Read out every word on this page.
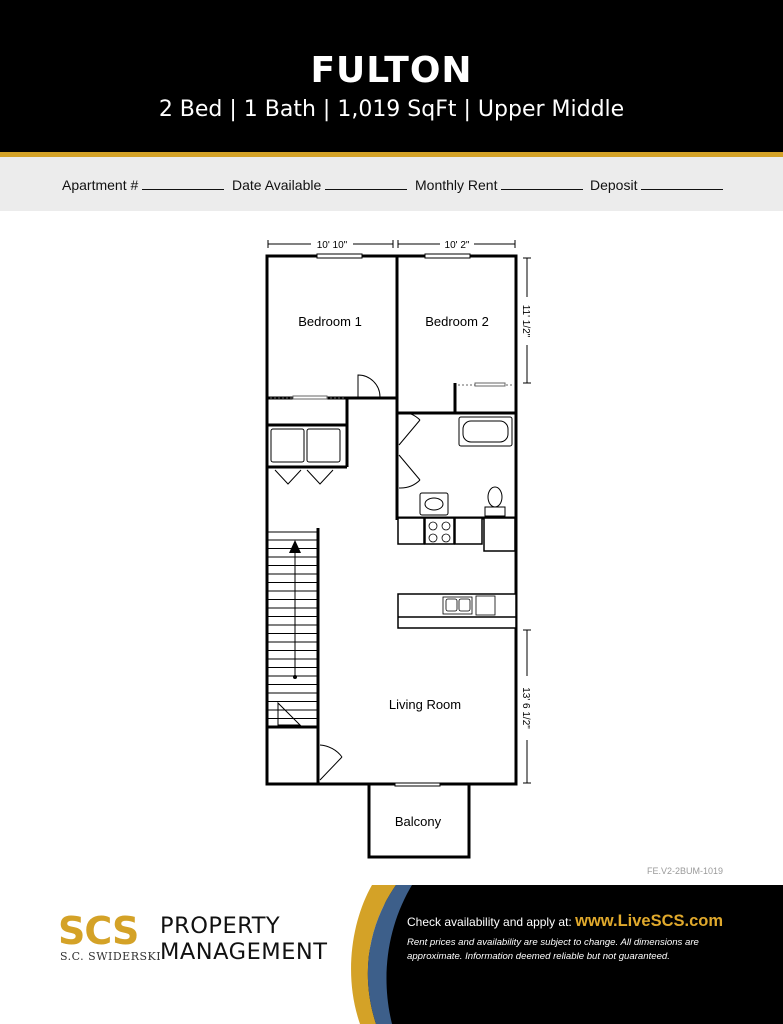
FULTON
2 Bed | 1 Bath | 1,019 SqFt | Upper Middle
Apartment #	Date Available	Monthly Rent	Deposit
10' 10"	10' 2"
11' 1/2"
13' 6 1/2"
Bedroom 1	Bedroom 2
Living Room
Balcony
FE.V2-2BUM-1019
SCS
S.C. SWIDERSKI
PROPERTY
MANAGEMENT
Check availability and apply at: www.LiveSCS.com
Rent prices and availability are subject to change. All dimensions are approximate. Information deemed reliable but not guaranteed.
